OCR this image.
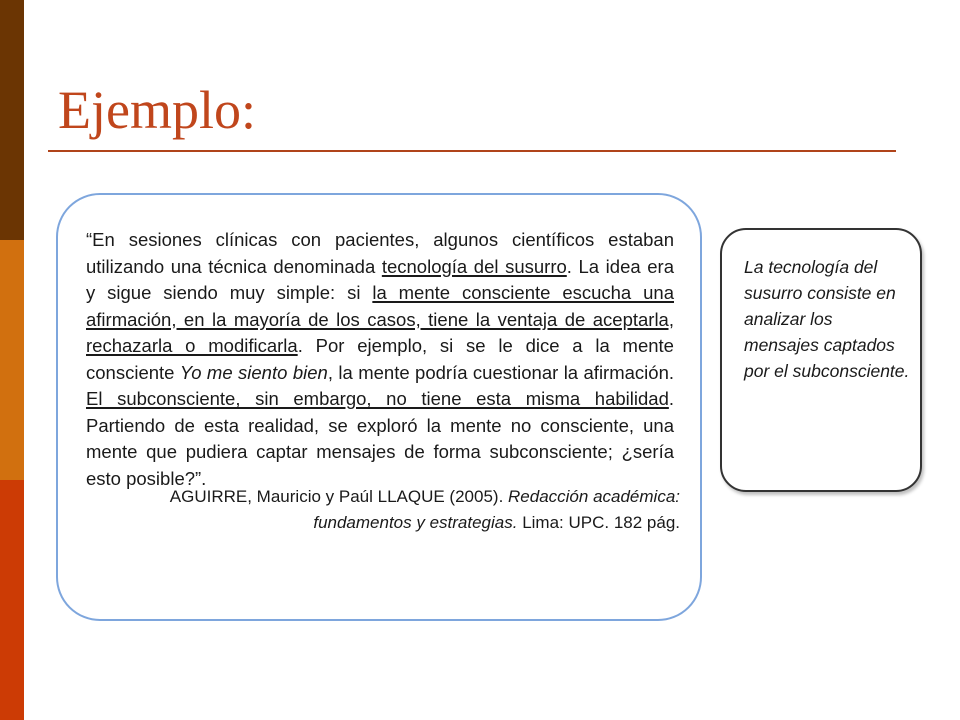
Ejemplo:

“En sesiones clínicas con pacientes, algunos científicos estaban utilizando una técnica denominada tecnología del susurro. La idea era y sigue siendo muy simple: si la mente consciente escucha una afirmación, en la mayoría de los casos, tiene la ventaja de aceptarla, rechazarla o modificarla. Por ejemplo, si se le dice a la mente consciente Yo me siento bien, la mente podría cuestionar la afirmación. El subconsciente, sin embargo, no tiene esta misma habilidad. Partiendo de esta realidad, se exploró la mente no consciente, una mente que pudiera captar mensajes de forma subconsciente; ¿sería esto posible?”.

AGUIRRE, Mauricio y Paúl LLAQUE (2005). Redacción académica: fundamentos y estrategias. Lima: UPC. 182 pág.

La tecnología del susurro consiste en analizar los mensajes captados por el subconsciente.
